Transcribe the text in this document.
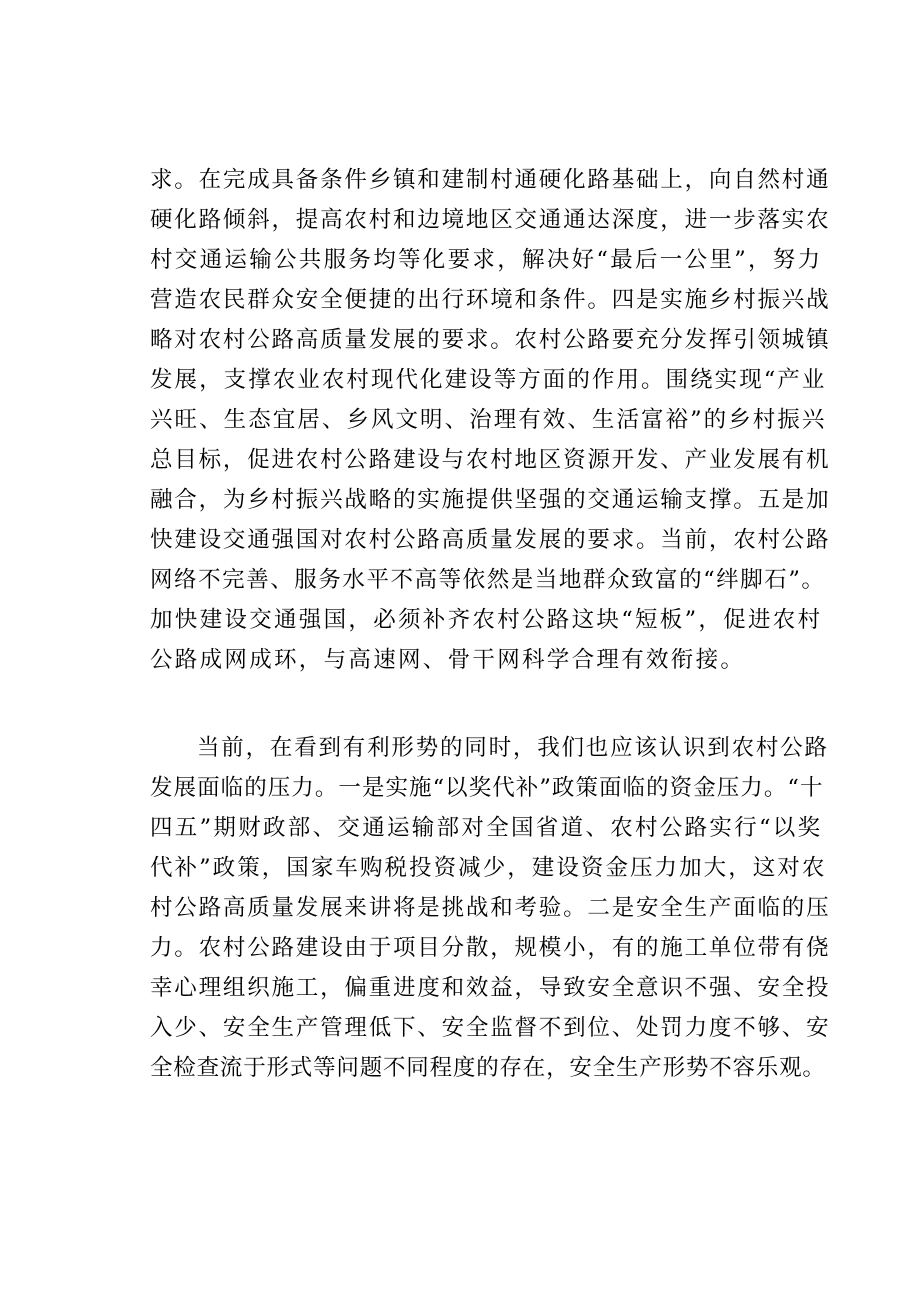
求。在完成具备条件乡镇和建制村通硬化路基础上，向自然村通
硬化路倾斜，提高农村和边境地区交通通达深度，进一步落实农
村交通运输公共服务均等化要求，解决好“最后一公里”，努力
营造农民群众安全便捷的出行环境和条件。四是实施乡村振兴战
略对农村公路高质量发展的要求。农村公路要充分发挥引领城镇
发展，支撑农业农村现代化建设等方面的作用。围绕实现“产业
兴旺、生态宜居、乡风文明、治理有效、生活富裕”的乡村振兴
总目标，促进农村公路建设与农村地区资源开发、产业发展有机
融合，为乡村振兴战略的实施提供坚强的交通运输支撑。五是加
快建设交通强国对农村公路高质量发展的要求。当前，农村公路
网络不完善、服务水平不高等依然是当地群众致富的“绊脚石”。
加快建设交通强国，必须补齐农村公路这块“短板”，促进农村
公路成网成环，与高速网、骨干网科学合理有效衔接。
当前，在看到有利形势的同时，我们也应该认识到农村公路
发展面临的压力。一是实施“以奖代补”政策面临的资金压力。“十
四五”期财政部、交通运输部对全国省道、农村公路实行“以奖
代补”政策，国家车购税投资减少，建设资金压力加大，这对农
村公路高质量发展来讲将是挑战和考验。二是安全生产面临的压
力。农村公路建设由于项目分散，规模小，有的施工单位带有侥
幸心理组织施工，偏重进度和效益，导致安全意识不强、安全投
入少、安全生产管理低下、安全监督不到位、处罚力度不够、安
全检查流于形式等问题不同程度的存在，安全生产形势不容乐观。
